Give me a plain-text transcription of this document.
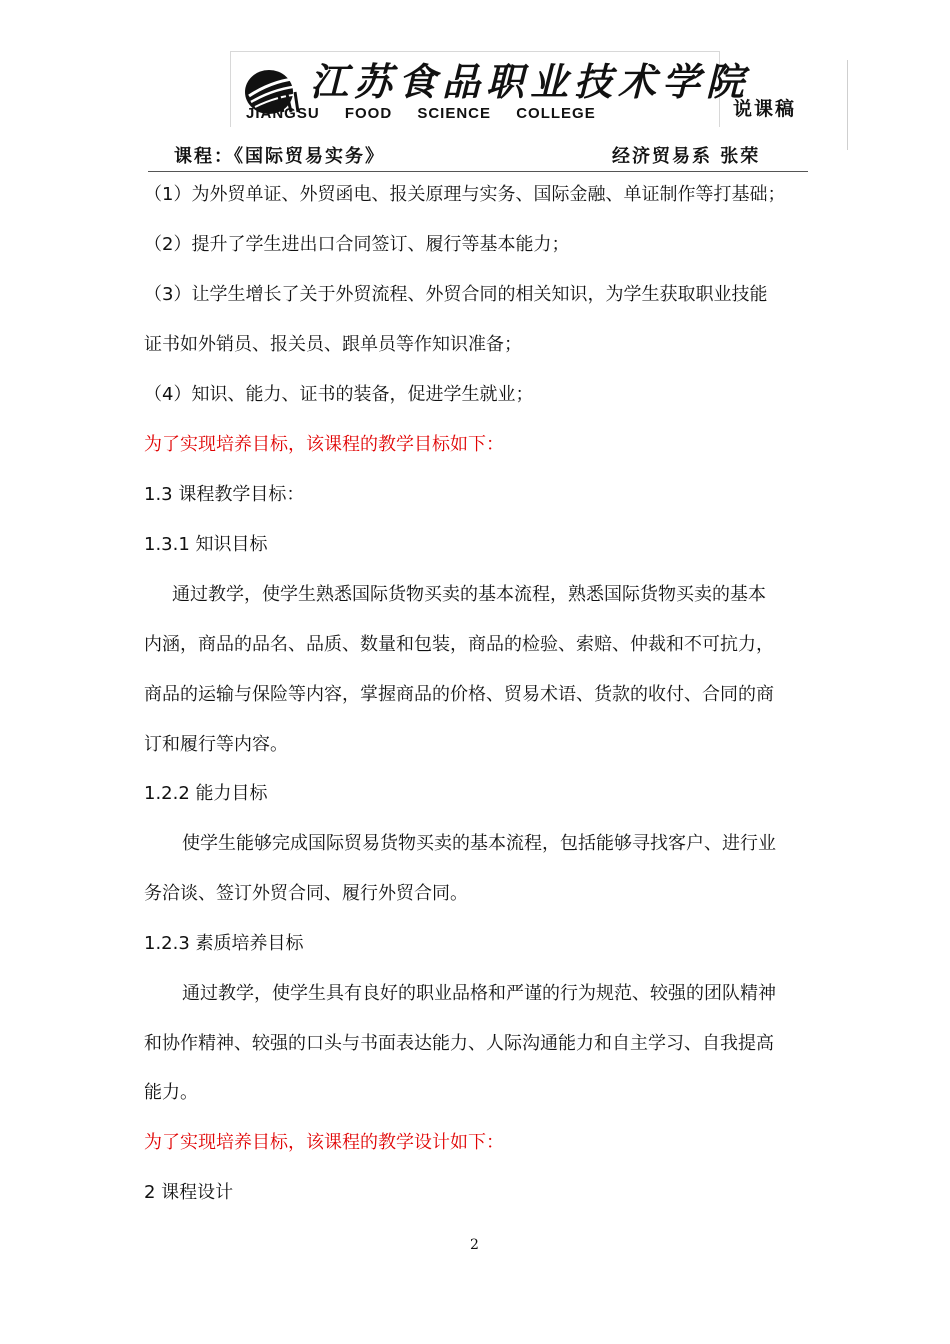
江苏食品职业技术学院
JIANGSU FOOD SCIENCE COLLEGE	说课稿
课程：《国际贸易实务》	经济贸易系 张荣
（1）为外贸单证、外贸函电、报关原理与实务、国际金融、单证制作等打基础；
（2）提升了学生进出口合同签订、履行等基本能力；
（3）让学生增长了关于外贸流程、外贸合同的相关知识，为学生获取职业技能
证书如外销员、报关员、跟单员等作知识准备；
（4）知识、能力、证书的装备，促进学生就业；
为了实现培养目标，该课程的教学目标如下：
1.3 课程教学目标：
1.3.1 知识目标
通过教学，使学生熟悉国际货物买卖的基本流程，熟悉国际货物买卖的基本
内涵，商品的品名、品质、数量和包装，商品的检验、索赔、仲裁和不可抗力，
商品的运输与保险等内容，掌握商品的价格、贸易术语、货款的收付、合同的商
订和履行等内容。
1.2.2 能力目标
使学生能够完成国际贸易货物买卖的基本流程，包括能够寻找客户、进行业
务洽谈、签订外贸合同、履行外贸合同。
1.2.3 素质培养目标
通过教学，使学生具有良好的职业品格和严谨的行为规范、较强的团队精神
和协作精神、较强的口头与书面表达能力、人际沟通能力和自主学习、自我提高
能力。
为了实现培养目标，该课程的教学设计如下：
2 课程设计
2
